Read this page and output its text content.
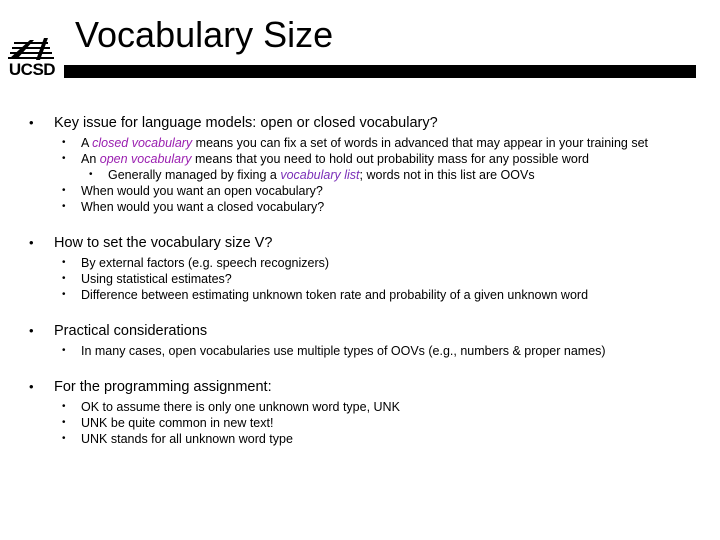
UCSD
Vocabulary Size

• Key issue for language models: open or closed vocabulary?

• A closed vocabulary means you can fix a set of words in advanced that may appear in your training set

• An open vocabulary means that you need to hold out probability mass for any possible word

• Generally managed by fixing a vocabulary list; words not in this list are OOVs

• When would you want an open vocabulary?

• When would you want a closed vocabulary?

• How to set the vocabulary size V?

• By external factors (e.g. speech recognizers)

• Using statistical estimates?

• Difference between estimating unknown token rate and probability of a given unknown word

• Practical considerations

• In many cases, open vocabularies use multiple types of OOVs (e.g., numbers & proper names)

• For the programming assignment:

• OK to assume there is only one unknown word type, UNK

• UNK be quite common in new text!

• UNK stands for all unknown word type
